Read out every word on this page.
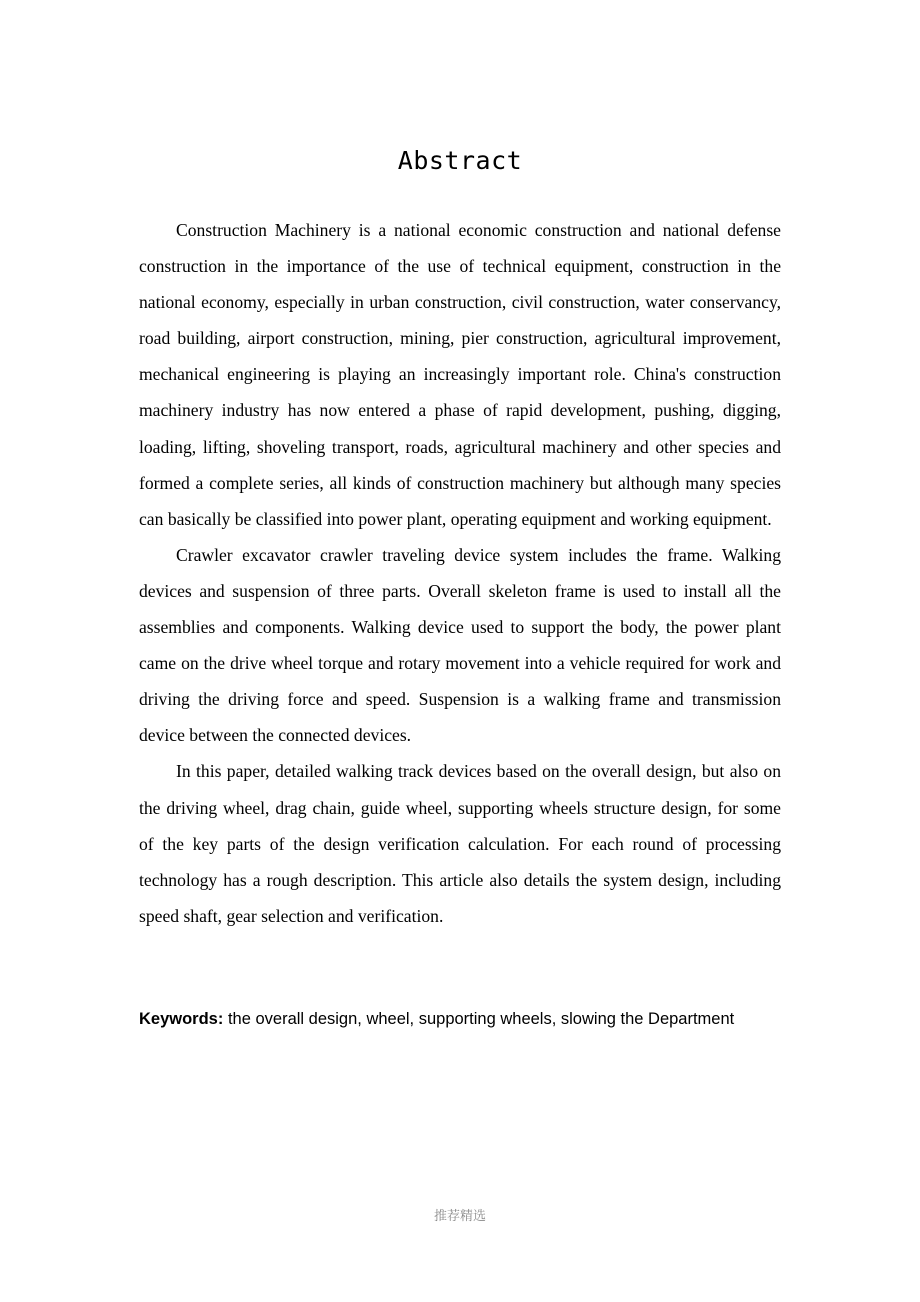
Abstract

Construction Machinery is a national economic construction and national defense construction in the importance of the use of technical equipment, construction in the national economy, especially in urban construction, civil construction, water conservancy, road building, airport construction, mining, pier construction, agricultural improvement, mechanical engineering is playing an increasingly important role. China's construction machinery industry has now entered a phase of rapid development, pushing, digging, loading, lifting, shoveling transport, roads, agricultural machinery and other species and formed a complete series, all kinds of construction machinery but although many species can basically be classified into power plant, operating equipment and working equipment.

Crawler excavator crawler traveling device system includes the frame. Walking devices and suspension of three parts. Overall skeleton frame is used to install all the assemblies and components. Walking device used to support the body, the power plant came on the drive wheel torque and rotary movement into a vehicle required for work and driving the driving force and speed. Suspension is a walking frame and transmission device between the connected devices.

In this paper, detailed walking track devices based on the overall design, but also on the driving wheel, drag chain, guide wheel, supporting wheels structure design, for some of the key parts of the design verification calculation. For each round of processing technology has a rough description. This article also details the system design, including speed shaft, gear selection and verification.

Keywords: the overall design, wheel, supporting wheels, slowing the Department
推荐精选
